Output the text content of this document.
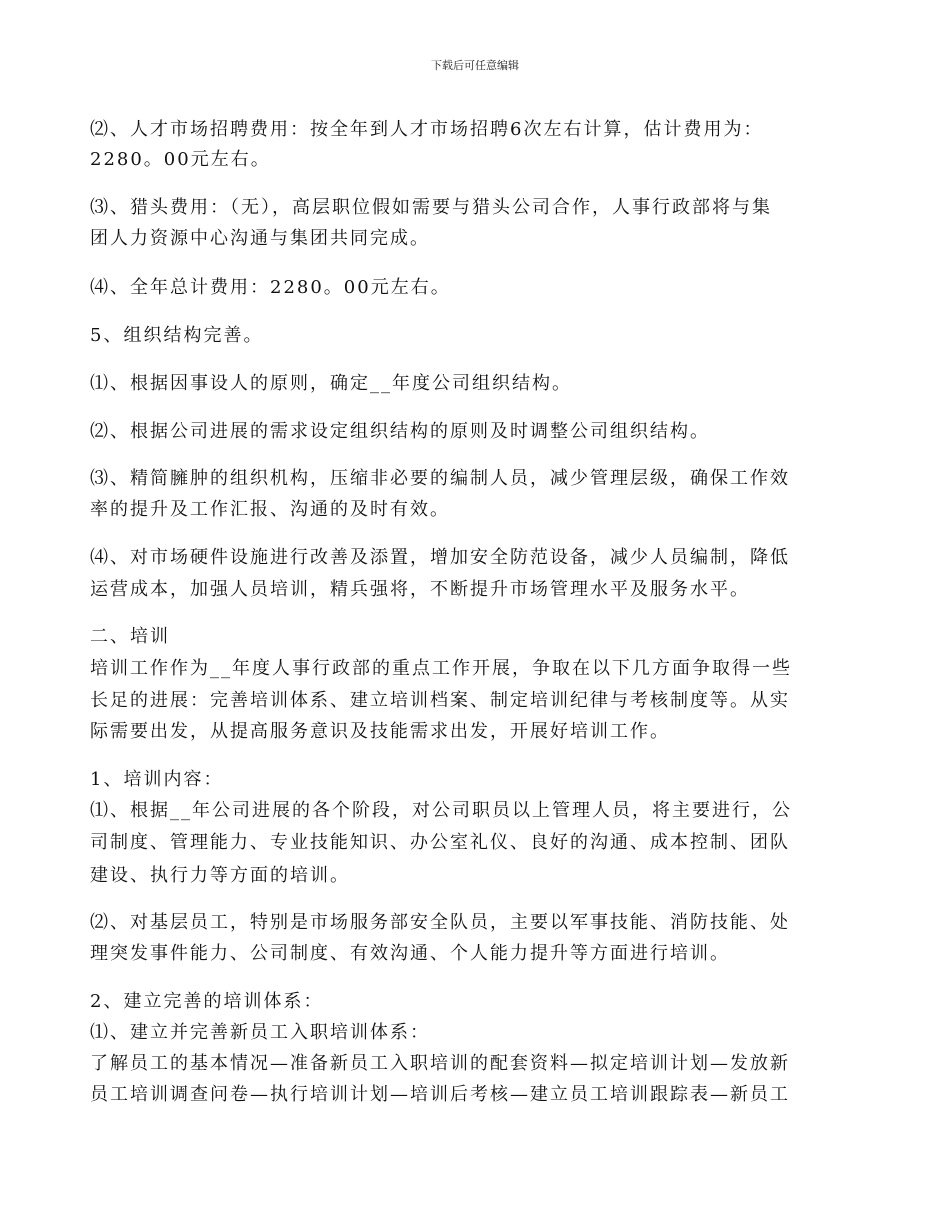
下载后可任意编辑
⑵、人才市场招聘费用：按全年到人才市场招聘6次左右计算，估计费用为：
2280。00元左右。
⑶、猎头费用：（无），高层职位假如需要与猎头公司合作，人事行政部将与集
团人力资源中心沟通与集团共同完成。
⑷、全年总计费用：2280。00元左右。
5、组织结构完善。
⑴、根据因事设人的原则，确定__年度公司组织结构。
⑵、根据公司进展的需求设定组织结构的原则及时调整公司组织结构。
⑶、精简臃肿的组织机构，压缩非必要的编制人员，减少管理层级，确保工作效
率的提升及工作汇报、沟通的及时有效。
⑷、对市场硬件设施进行改善及添置，增加安全防范设备，减少人员编制，降低
运营成本，加强人员培训，精兵强将，不断提升市场管理水平及服务水平。
二、培训
培训工作作为__年度人事行政部的重点工作开展，争取在以下几方面争取得一些
长足的进展：完善培训体系、建立培训档案、制定培训纪律与考核制度等。从实
际需要出发，从提高服务意识及技能需求出发，开展好培训工作。
1、培训内容：
⑴、根据__年公司进展的各个阶段，对公司职员以上管理人员，将主要进行，公
司制度、管理能力、专业技能知识、办公室礼仪、良好的沟通、成本控制、团队
建设、执行力等方面的培训。
⑵、对基层员工，特别是市场服务部安全队员，主要以军事技能、消防技能、处
理突发事件能力、公司制度、有效沟通、个人能力提升等方面进行培训。
2、建立完善的培训体系：
⑴、建立并完善新员工入职培训体系：
了解员工的基本情况—准备新员工入职培训的配套资料—拟定培训计划—发放新
员工培训调查问卷—执行培训计划—培训后考核—建立员工培训跟踪表—新员工
